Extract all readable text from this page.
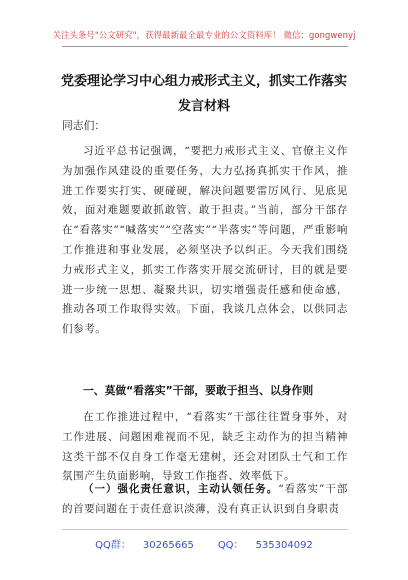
关注头条号"公文研究"，获得最新最全最专业的公文资料库！ 微信：gongwenyj
党委理论学习中心组力戒形式主义，抓实工作落实发言材料
同志们：

习近平总书记强调，“要把力戒形式主义、官僚主义作为加强作风建设的重要任务，大力弘扬真抓实干作风，推进工作要实打实、硬碰硬，解决问题要雷厉风行、见底见效，面对难题要敢抓敢管、敢于担责。”当前，部分干部存在“看落实”“喊落实”“空落实”“半落实”等问题，严重影响工作推进和事业发展，必须坚决予以纠正。今天我们围绕力戒形式主义，抓实工作落实开展交流研讨，目的就是要进一步统一思想、凝聚共识，切实增强责任感和使命感，推动各项工作取得实效。下面，我谈几点体会，以供同志们参考。

一、莫做“看落实”干部，要敢于担当、以身作则

在工作推进过程中，“看落实”干部往往置身事外，对工作进展、问题困难视而不见，缺乏主动作为的担当精神这类干部不仅自身工作毫无建树，还会对团队士气和工作氛围产生负面影响，导致工作拖沓、效率低下。

（一）强化责任意识，主动认领任务。“看落实”干部的首要问题在于责任意识淡薄，没有真正认识到自身职责

QQ群： 30265665 QQ： 535304092
